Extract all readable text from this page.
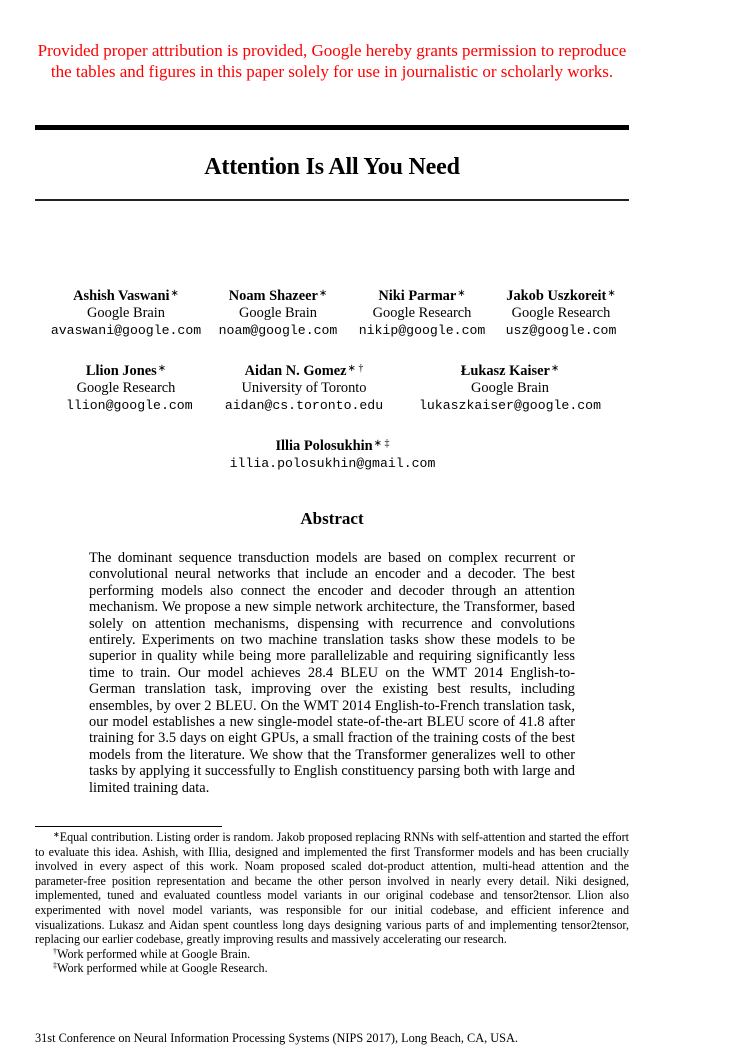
Provided proper attribution is provided, Google hereby grants permission to reproduce the tables and figures in this paper solely for use in journalistic or scholarly works.
Attention Is All You Need
Ashish Vaswani∗
Google Brain
avaswani@google.com
Noam Shazeer∗
Google Brain
noam@google.com
Niki Parmar∗
Google Research
nikip@google.com
Jakob Uszkoreit∗
Google Research
usz@google.com
Llion Jones∗
Google Research
llion@google.com
Aidan N. Gomez∗ †
University of Toronto
aidan@cs.toronto.edu
Łukasz Kaiser∗
Google Brain
lukaszkaiser@google.com
Illia Polosukhin∗ ‡
illia.polosukhin@gmail.com
Abstract
The dominant sequence transduction models are based on complex recurrent or convolutional neural networks that include an encoder and a decoder. The best performing models also connect the encoder and decoder through an attention mechanism. We propose a new simple network architecture, the Transformer, based solely on attention mechanisms, dispensing with recurrence and convolutions entirely. Experiments on two machine translation tasks show these models to be superior in quality while being more parallelizable and requiring significantly less time to train. Our model achieves 28.4 BLEU on the WMT 2014 English-to-German translation task, improving over the existing best results, including ensembles, by over 2 BLEU. On the WMT 2014 English-to-French translation task, our model establishes a new single-model state-of-the-art BLEU score of 41.8 after training for 3.5 days on eight GPUs, a small fraction of the training costs of the best models from the literature. We show that the Transformer generalizes well to other tasks by applying it successfully to English constituency parsing both with large and limited training data.

∗Equal contribution. Listing order is random. Jakob proposed replacing RNNs with self-attention and started the effort to evaluate this idea. Ashish, with Illia, designed and implemented the first Transformer models and has been crucially involved in every aspect of this work. Noam proposed scaled dot-product attention, multi-head attention and the parameter-free position representation and became the other person involved in nearly every detail. Niki designed, implemented, tuned and evaluated countless model variants in our original codebase and tensor2tensor. Llion also experimented with novel model variants, was responsible for our initial codebase, and efficient inference and visualizations. Lukasz and Aidan spent countless long days designing various parts of and implementing tensor2tensor, replacing our earlier codebase, greatly improving results and massively accelerating our research.

†Work performed while at Google Brain.

‡Work performed while at Google Research.

31st Conference on Neural Information Processing Systems (NIPS 2017), Long Beach, CA, USA.
